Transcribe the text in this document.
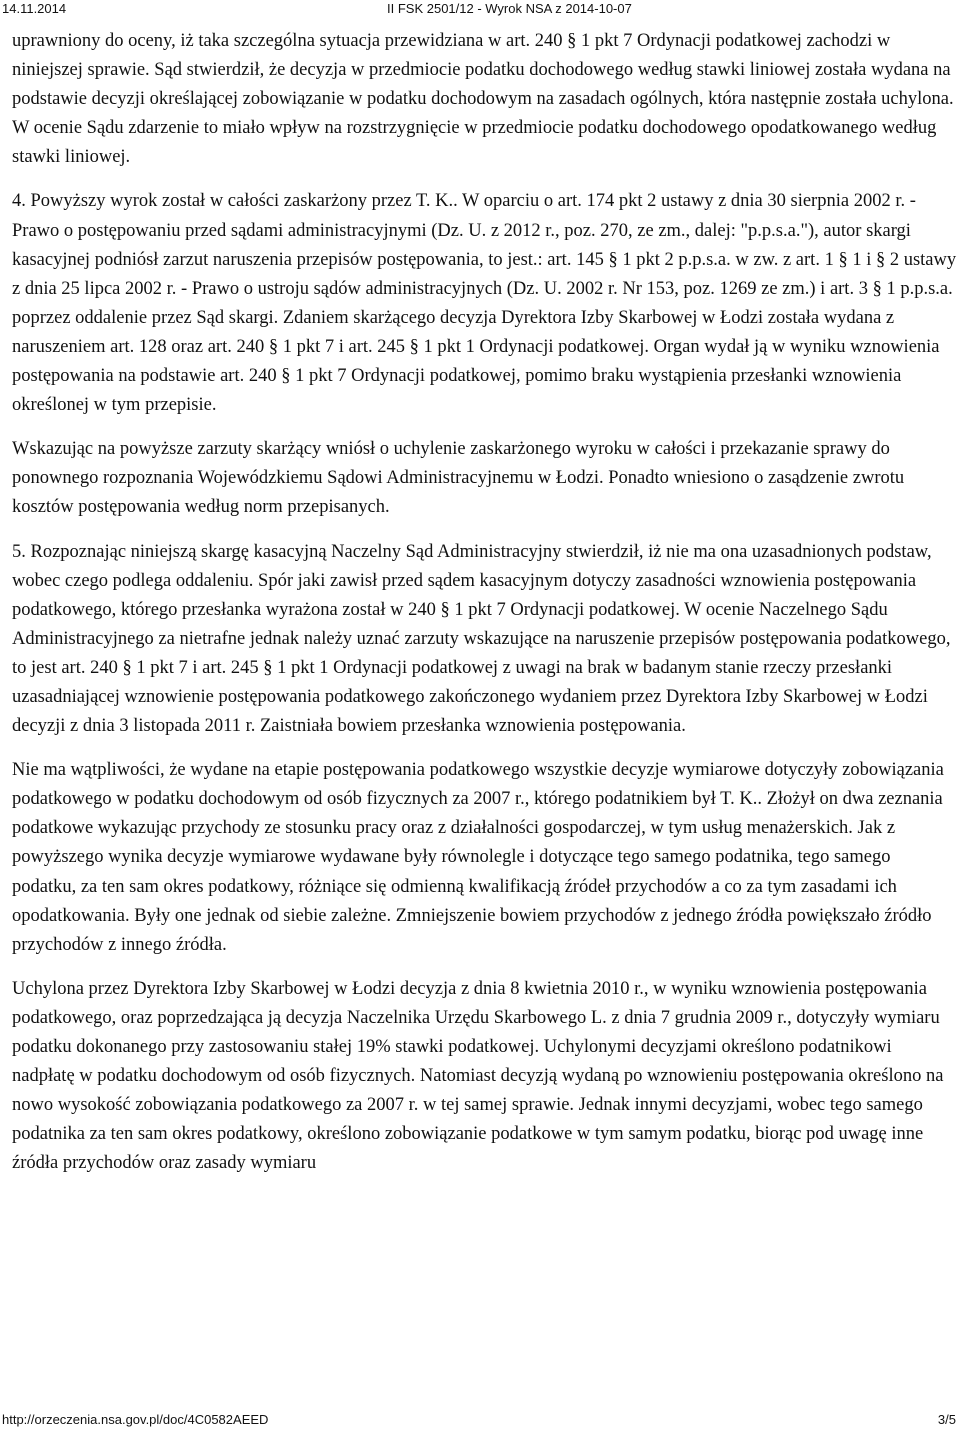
14.11.2014	II FSK 2501/12 - Wyrok NSA z 2014-10-07

uprawniony do oceny, iż taka szczególna sytuacja przewidziana w art. 240 § 1 pkt 7 Ordynacji podatkowej zachodzi w niniejszej sprawie. Sąd stwierdził, że decyzja w przedmiocie podatku dochodowego według stawki liniowej została wydana na podstawie decyzji określającej zobowiązanie w podatku dochodowym na zasadach ogólnych, która następnie została uchylona. W ocenie Sądu zdarzenie to miało wpływ na rozstrzygnięcie w przedmiocie podatku dochodowego opodatkowanego według stawki liniowej.

4. Powyższy wyrok został w całości zaskarżony przez T. K.. W oparciu o art. 174 pkt 2 ustawy z dnia 30 sierpnia 2002 r. - Prawo o postępowaniu przed sądami administracyjnymi (Dz. U. z 2012 r., poz. 270, ze zm., dalej: "p.p.s.a."), autor skargi kasacyjnej podniósł zarzut naruszenia przepisów postępowania, to jest.: art. 145 § 1 pkt 2 p.p.s.a. w zw. z art. 1 § 1 i § 2 ustawy z dnia 25 lipca 2002 r. - Prawo o ustroju sądów administracyjnych (Dz. U. 2002 r. Nr 153, poz. 1269 ze zm.) i art. 3 § 1 p.p.s.a. poprzez oddalenie przez Sąd skargi. Zdaniem skarżącego decyzja Dyrektora Izby Skarbowej w Łodzi została wydana z naruszeniem art. 128 oraz art. 240 § 1 pkt 7 i art. 245 § 1 pkt 1 Ordynacji podatkowej. Organ wydał ją w wyniku wznowienia postępowania na podstawie art. 240 § 1 pkt 7 Ordynacji podatkowej, pomimo braku wystąpienia przesłanki wznowienia określonej w tym przepisie.

Wskazując na powyższe zarzuty skarżący wniósł o uchylenie zaskarżonego wyroku w całości i przekazanie sprawy do ponownego rozpoznania Wojewódzkiemu Sądowi Administracyjnemu w Łodzi. Ponadto wniesiono o zasądzenie zwrotu kosztów postępowania według norm przepisanych.

5. Rozpoznając niniejszą skargę kasacyjną Naczelny Sąd Administracyjny stwierdził, iż nie ma ona uzasadnionych podstaw, wobec czego podlega oddaleniu. Spór jaki zawisł przed sądem kasacyjnym dotyczy zasadności wznowienia postępowania podatkowego, którego przesłanka wyrażona został w 240 § 1 pkt 7 Ordynacji podatkowej. W ocenie Naczelnego Sądu Administracyjnego za nietrafne jednak należy uznać zarzuty wskazujące na naruszenie przepisów postępowania podatkowego, to jest art. 240 § 1 pkt 7 i art. 245 § 1 pkt 1 Ordynacji podatkowej z uwagi na brak w badanym stanie rzeczy przesłanki uzasadniającej wznowienie postępowania podatkowego zakończonego wydaniem przez Dyrektora Izby Skarbowej w Łodzi decyzji z dnia 3 listopada 2011 r. Zaistniała bowiem przesłanka wznowienia postępowania.

Nie ma wątpliwości, że wydane na etapie postępowania podatkowego wszystkie decyzje wymiarowe dotyczyły zobowiązania podatkowego w podatku dochodowym od osób fizycznych za 2007 r., którego podatnikiem był T. K.. Złożył on dwa zeznania podatkowe wykazując przychody ze stosunku pracy oraz z działalności gospodarczej, w tym usług menażerskich. Jak z powyższego wynika decyzje wymiarowe wydawane były równolegle i dotyczące tego samego podatnika, tego samego podatku, za ten sam okres podatkowy, różniące się odmienną kwalifikacją źródeł przychodów a co za tym zasadami ich opodatkowania. Były one jednak od siebie zależne. Zmniejszenie bowiem przychodów z jednego źródła powiększało źródło przychodów z innego źródła.

Uchylona przez Dyrektora Izby Skarbowej w Łodzi decyzja z dnia 8 kwietnia 2010 r., w wyniku wznowienia postępowania podatkowego, oraz poprzedzająca ją decyzja Naczelnika Urzędu Skarbowego L. z dnia 7 grudnia 2009 r., dotyczyły wymiaru podatku dokonanego przy zastosowaniu stałej 19% stawki podatkowej. Uchylonymi decyzjami określono podatnikowi nadpłatę w podatku dochodowym od osób fizycznych. Natomiast decyzją wydaną po wznowieniu postępowania określono na nowo wysokość zobowiązania podatkowego za 2007 r. w tej samej sprawie. Jednak innymi decyzjami, wobec tego samego podatnika za ten sam okres podatkowy, określono zobowiązanie podatkowe w tym samym podatku, biorąc pod uwagę inne źródła przychodów oraz zasady wymiaru

http://orzeczenia.nsa.gov.pl/doc/4C0582AEED	3/5
